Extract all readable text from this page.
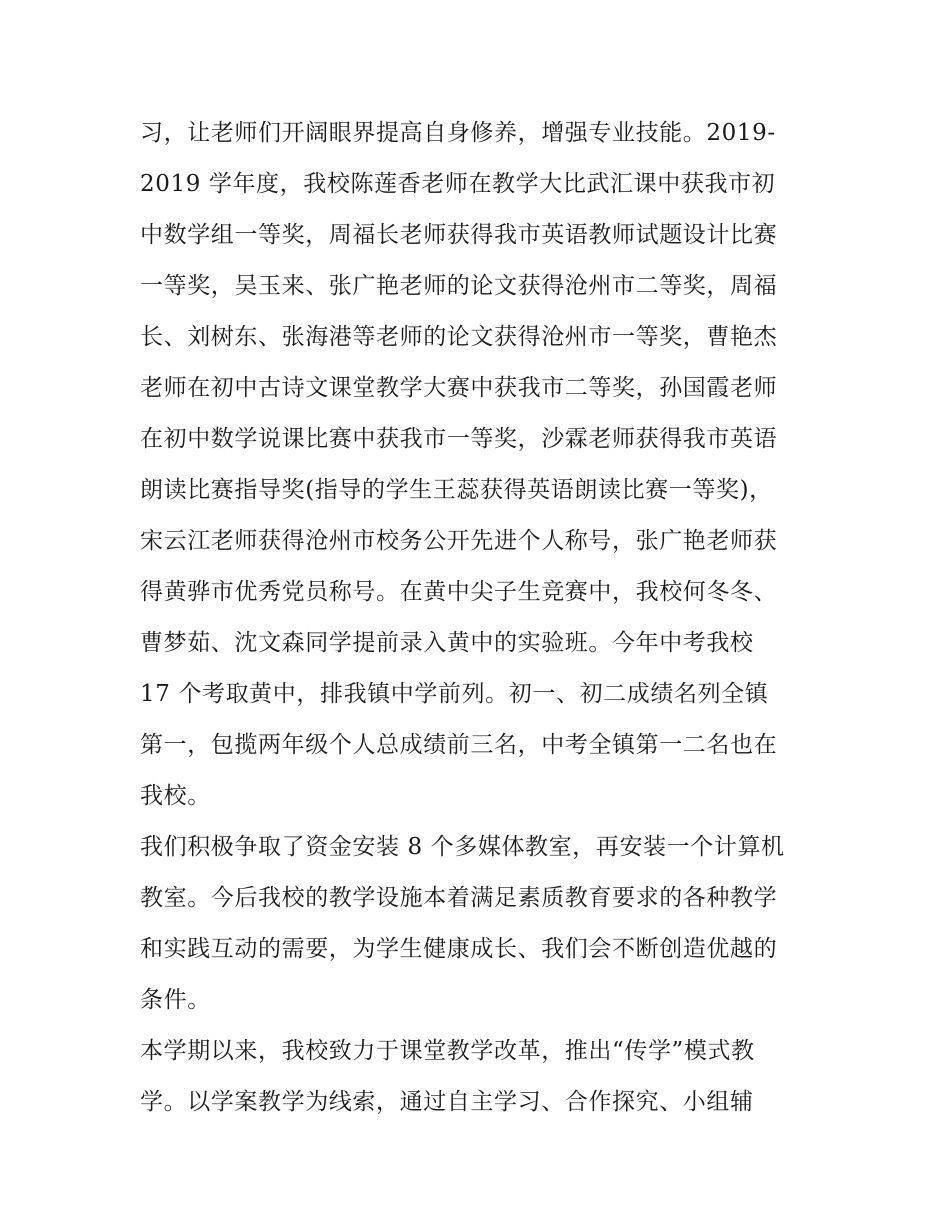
习，让老师们开阔眼界提高自身修养，增强专业技能。2019-
2019 学年度，我校陈莲香老师在教学大比武汇课中获我市初
中数学组一等奖，周福长老师获得我市英语教师试题设计比赛
一等奖，吴玉来、张广艳老师的论文获得沧州市二等奖，周福
长、刘树东、张海港等老师的论文获得沧州市一等奖，曹艳杰
老师在初中古诗文课堂教学大赛中获我市二等奖，孙国霞老师
在初中数学说课比赛中获我市一等奖，沙霖老师获得我市英语
朗读比赛指导奖(指导的学生王蕊获得英语朗读比赛一等奖)，
宋云江老师获得沧州市校务公开先进个人称号，张广艳老师获
得黄骅市优秀党员称号。在黄中尖子生竞赛中，我校何冬冬、
曹梦茹、沈文森同学提前录入黄中的实验班。今年中考我校
17 个考取黄中，排我镇中学前列。初一、初二成绩名列全镇
第一，包揽两年级个人总成绩前三名，中考全镇第一二名也在
我校。
我们积极争取了资金安装 8 个多媒体教室，再安装一个计算机
教室。今后我校的教学设施本着满足素质教育要求的各种教学
和实践互动的需要，为学生健康成长、我们会不断创造优越的
条件。
本学期以来，我校致力于课堂教学改革，推出“传学”模式教
学。以学案教学为线索，通过自主学习、合作探究、小组辅
